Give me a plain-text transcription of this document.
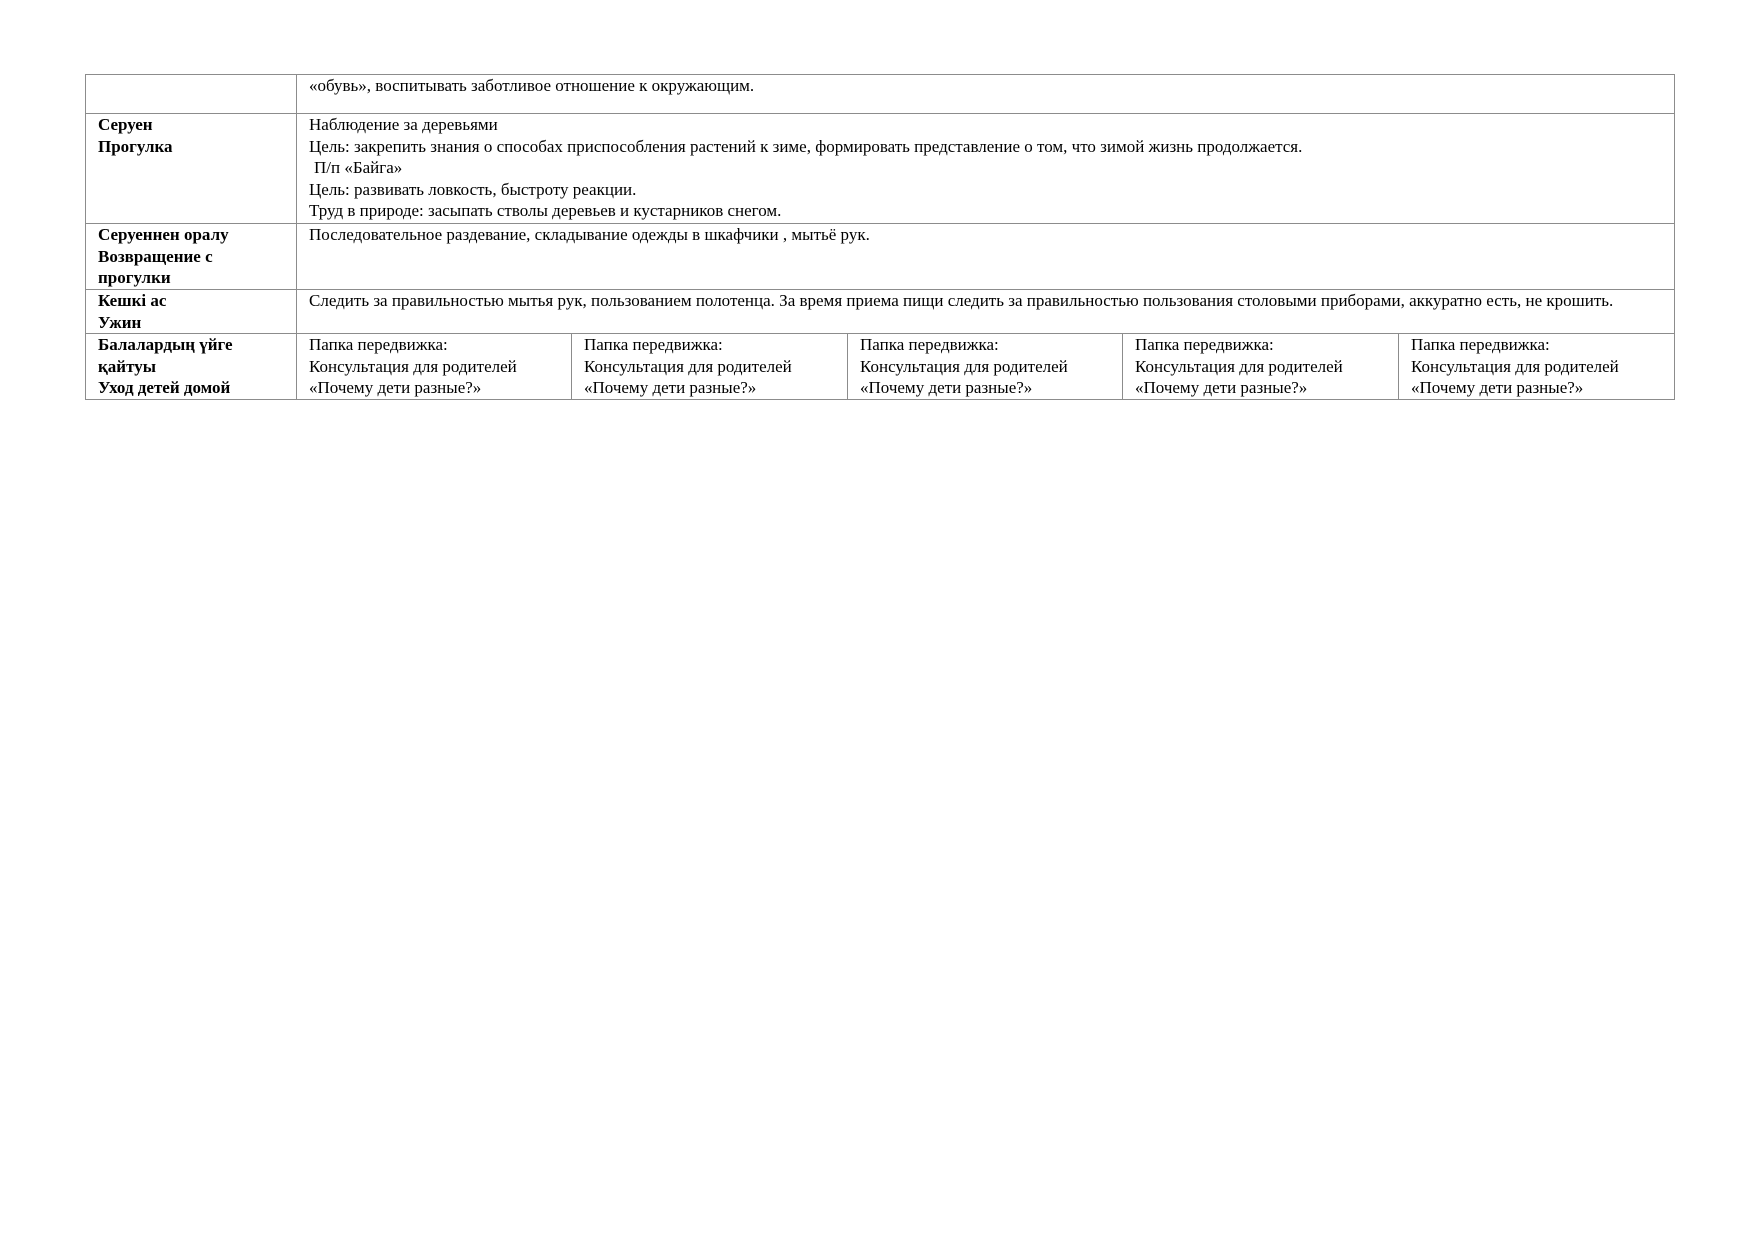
	«обувь», воспитывать заботливое отношение к окружающим.				

Серуен
Прогулка	Наблюдение за деревьями
Цель: закрепить знания о способах приспособления растений к зиме, формировать представление о том, что зимой жизнь продолжается.
П/п «Байга»
Цель: развивать ловкость, быстроту реакции.
Труд в природе: засыпать стволы деревьев и кустарников снегом.				

Серуеннен оралу
Возвращение с прогулки	Последовательное раздевание, складывание одежды в шкафчики , мытьё рук.				

Кешкі ас
Ужин	Следить за правильностью мытья рук, пользованием полотенца. За время приема пищи следить за правильностью пользования столовыми приборами, аккуратно есть, не крошить.				

Балалардың үйге қайтуы
Уход детей домой	Папка передвижка:
Консультация для родителей
«Почему дети разные?»	Папка передвижка:
Консультация для родителей
«Почему дети разные?»	Папка передвижка:
Консультация для родителей
«Почему дети разные?»	Папка передвижка:
Консультация для родителей
«Почему дети разные?»	Папка передвижка:
Консультация для родителей
«Почему дети разные?»
